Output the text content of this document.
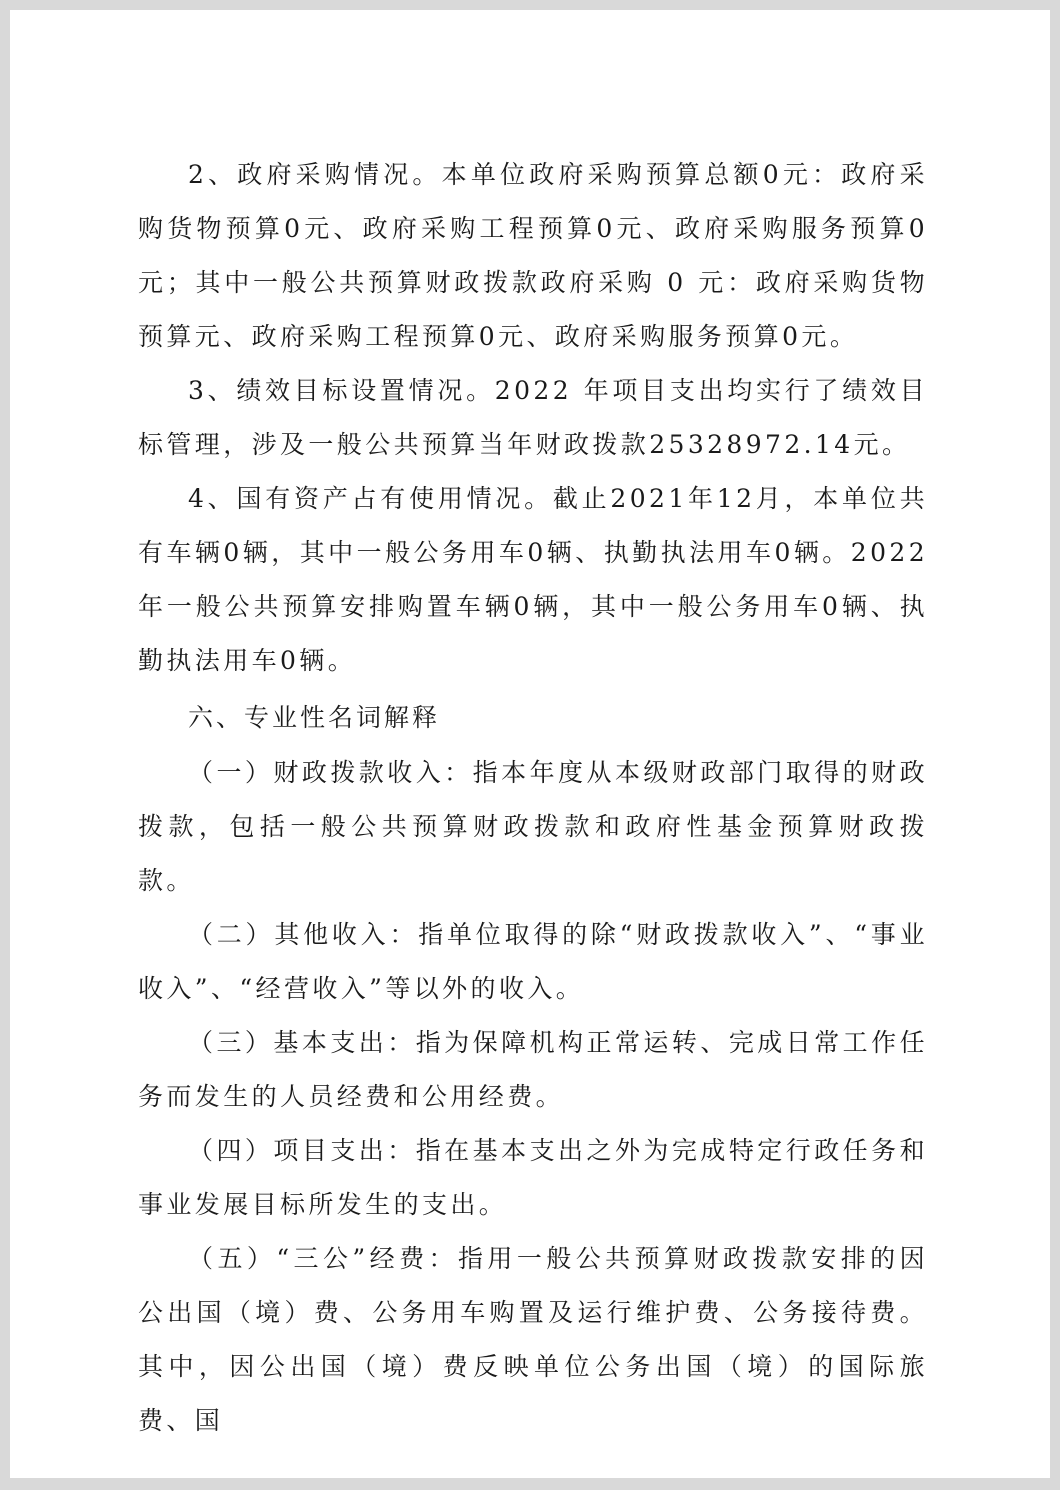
2、政府采购情况。本单位政府采购预算总额0元：政府采购货物预算0元、政府采购工程预算0元、政府采购服务预算0元；其中一般公共预算财政拨款政府采购 0 元：政府采购货物预算元、政府采购工程预算0元、政府采购服务预算0元。

3、绩效目标设置情况。2022 年项目支出均实行了绩效目标管理，涉及一般公共预算当年财政拨款25328972.14元。

4、国有资产占有使用情况。截止2021年12月，本单位共有车辆0辆，其中一般公务用车0辆、执勤执法用车0辆。2022年一般公共预算安排购置车辆0辆，其中一般公务用车0辆、执勤执法用车0辆。

六、专业性名词解释

（一）财政拨款收入：指本年度从本级财政部门取得的财政拨款，包括一般公共预算财政拨款和政府性基金预算财政拨款。

（二）其他收入：指单位取得的除“财政拨款收入”、“事业收入”、“经营收入”等以外的收入。

（三）基本支出：指为保障机构正常运转、完成日常工作任务而发生的人员经费和公用经费。

（四）项目支出：指在基本支出之外为完成特定行政任务和事业发展目标所发生的支出。

（五）“三公”经费：指用一般公共预算财政拨款安排的因公出国（境）费、公务用车购置及运行维护费、公务接待费。其中，因公出国（境）费反映单位公务出国（境）的国际旅费、国
